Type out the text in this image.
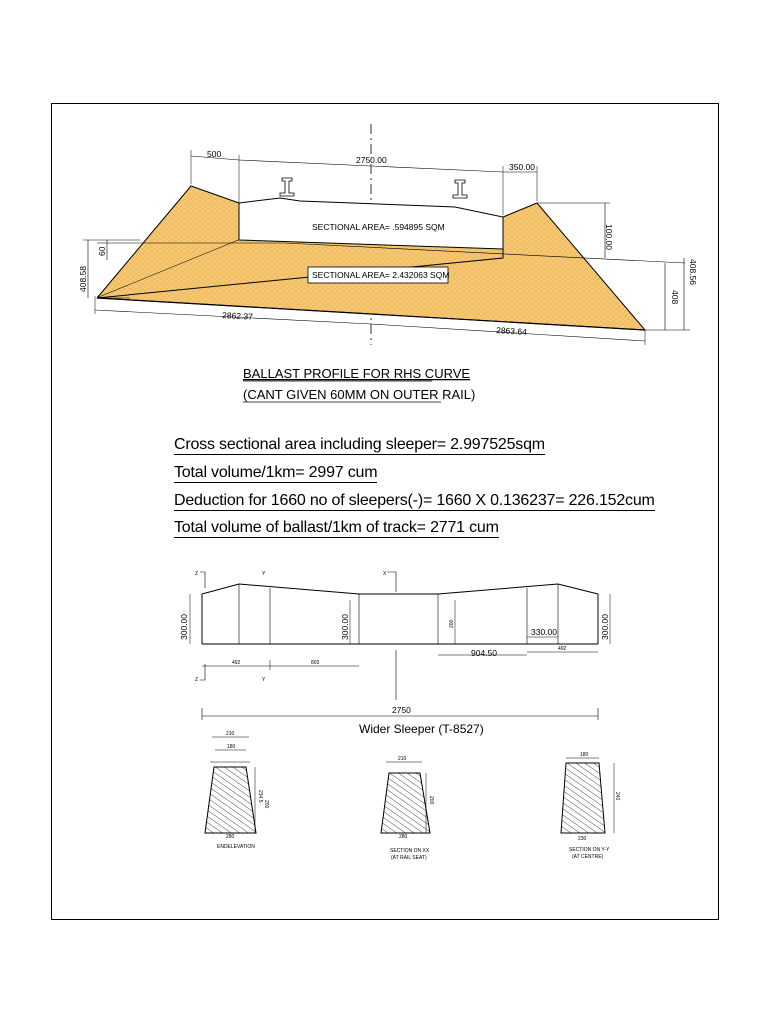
SECTIONAL AREA= .594895 SQM
SECTIONAL AREA= 2.432063 SQM
500
2750.00
350.00
408.58
60
100.00
408.56
408
2862.37
2863.64
BALLAST PROFILE FOR RHS CURVE
(CANT GIVEN 60MM ON OUTER RAIL)
Z	Y	X
Z	Y
300.00	300.00	200	300.00
492	803
904.50
330.00
492
2750
Wider Sleeper (T-8527)
210
180
234.5
200
280
ENDELEVATION
210
200
280
SECTION ON XX
(AT RAIL SEAT)
180
240
230
SECTION ON Y-Y
(AT CENTRE)
Cross sectional area including sleeper= 2.997525sqm
Total volume/1km= 2997 cum
Deduction for 1660 no of sleepers(-)= 1660 X 0.136237= 226.152cum
Total volume of ballast/1km of track= 2771 cum
